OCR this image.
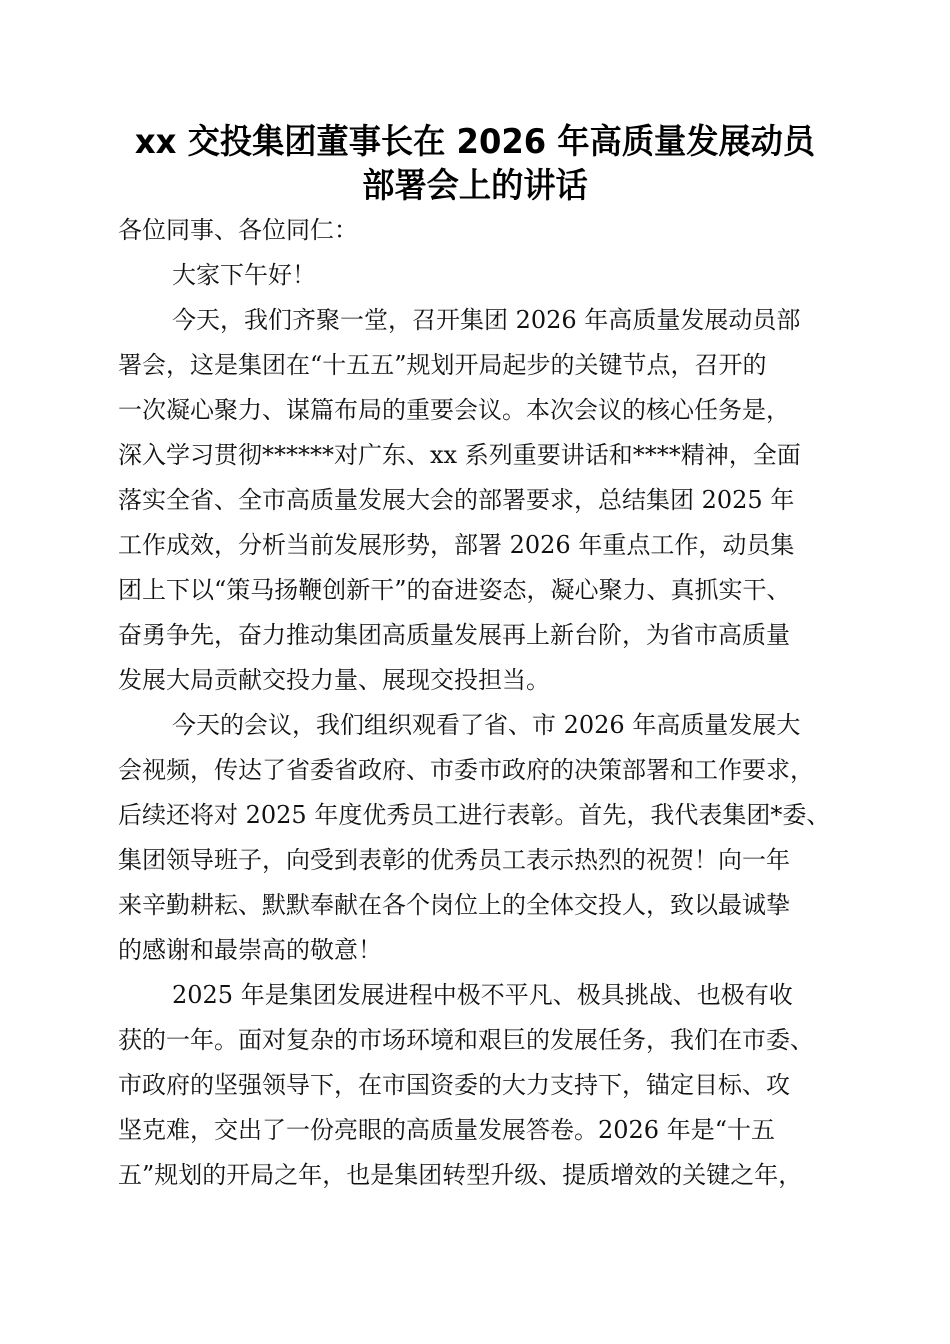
xx 交投集团董事长在 2026 年高质量发展动员
部署会上的讲话
各位同事、各位同仁：
大家下午好！
今天，我们齐聚一堂，召开集团 2026 年高质量发展动员部
署会，这是集团在“十五五”规划开局起步的关键节点，召开的
一次凝心聚力、谋篇布局的重要会议。本次会议的核心任务是，
深入学习贯彻******对广东、xx 系列重要讲话和****精神，全面
落实全省、全市高质量发展大会的部署要求，总结集团 2025 年
工作成效，分析当前发展形势，部署 2026 年重点工作，动员集
团上下以“策马扬鞭创新干”的奋进姿态，凝心聚力、真抓实干、
奋勇争先，奋力推动集团高质量发展再上新台阶，为省市高质量
发展大局贡献交投力量、展现交投担当。
今天的会议，我们组织观看了省、市 2026 年高质量发展大
会视频，传达了省委省政府、市委市政府的决策部署和工作要求，
后续还将对 2025 年度优秀员工进行表彰。首先，我代表集团*委、
集团领导班子，向受到表彰的优秀员工表示热烈的祝贺！向一年
来辛勤耕耘、默默奉献在各个岗位上的全体交投人，致以最诚挚
的感谢和最崇高的敬意！
2025 年是集团发展进程中极不平凡、极具挑战、也极有收
获的一年。面对复杂的市场环境和艰巨的发展任务，我们在市委、
市政府的坚强领导下，在市国资委的大力支持下，锚定目标、攻
坚克难，交出了一份亮眼的高质量发展答卷。2026 年是“十五
五”规划的开局之年，也是集团转型升级、提质增效的关键之年，
